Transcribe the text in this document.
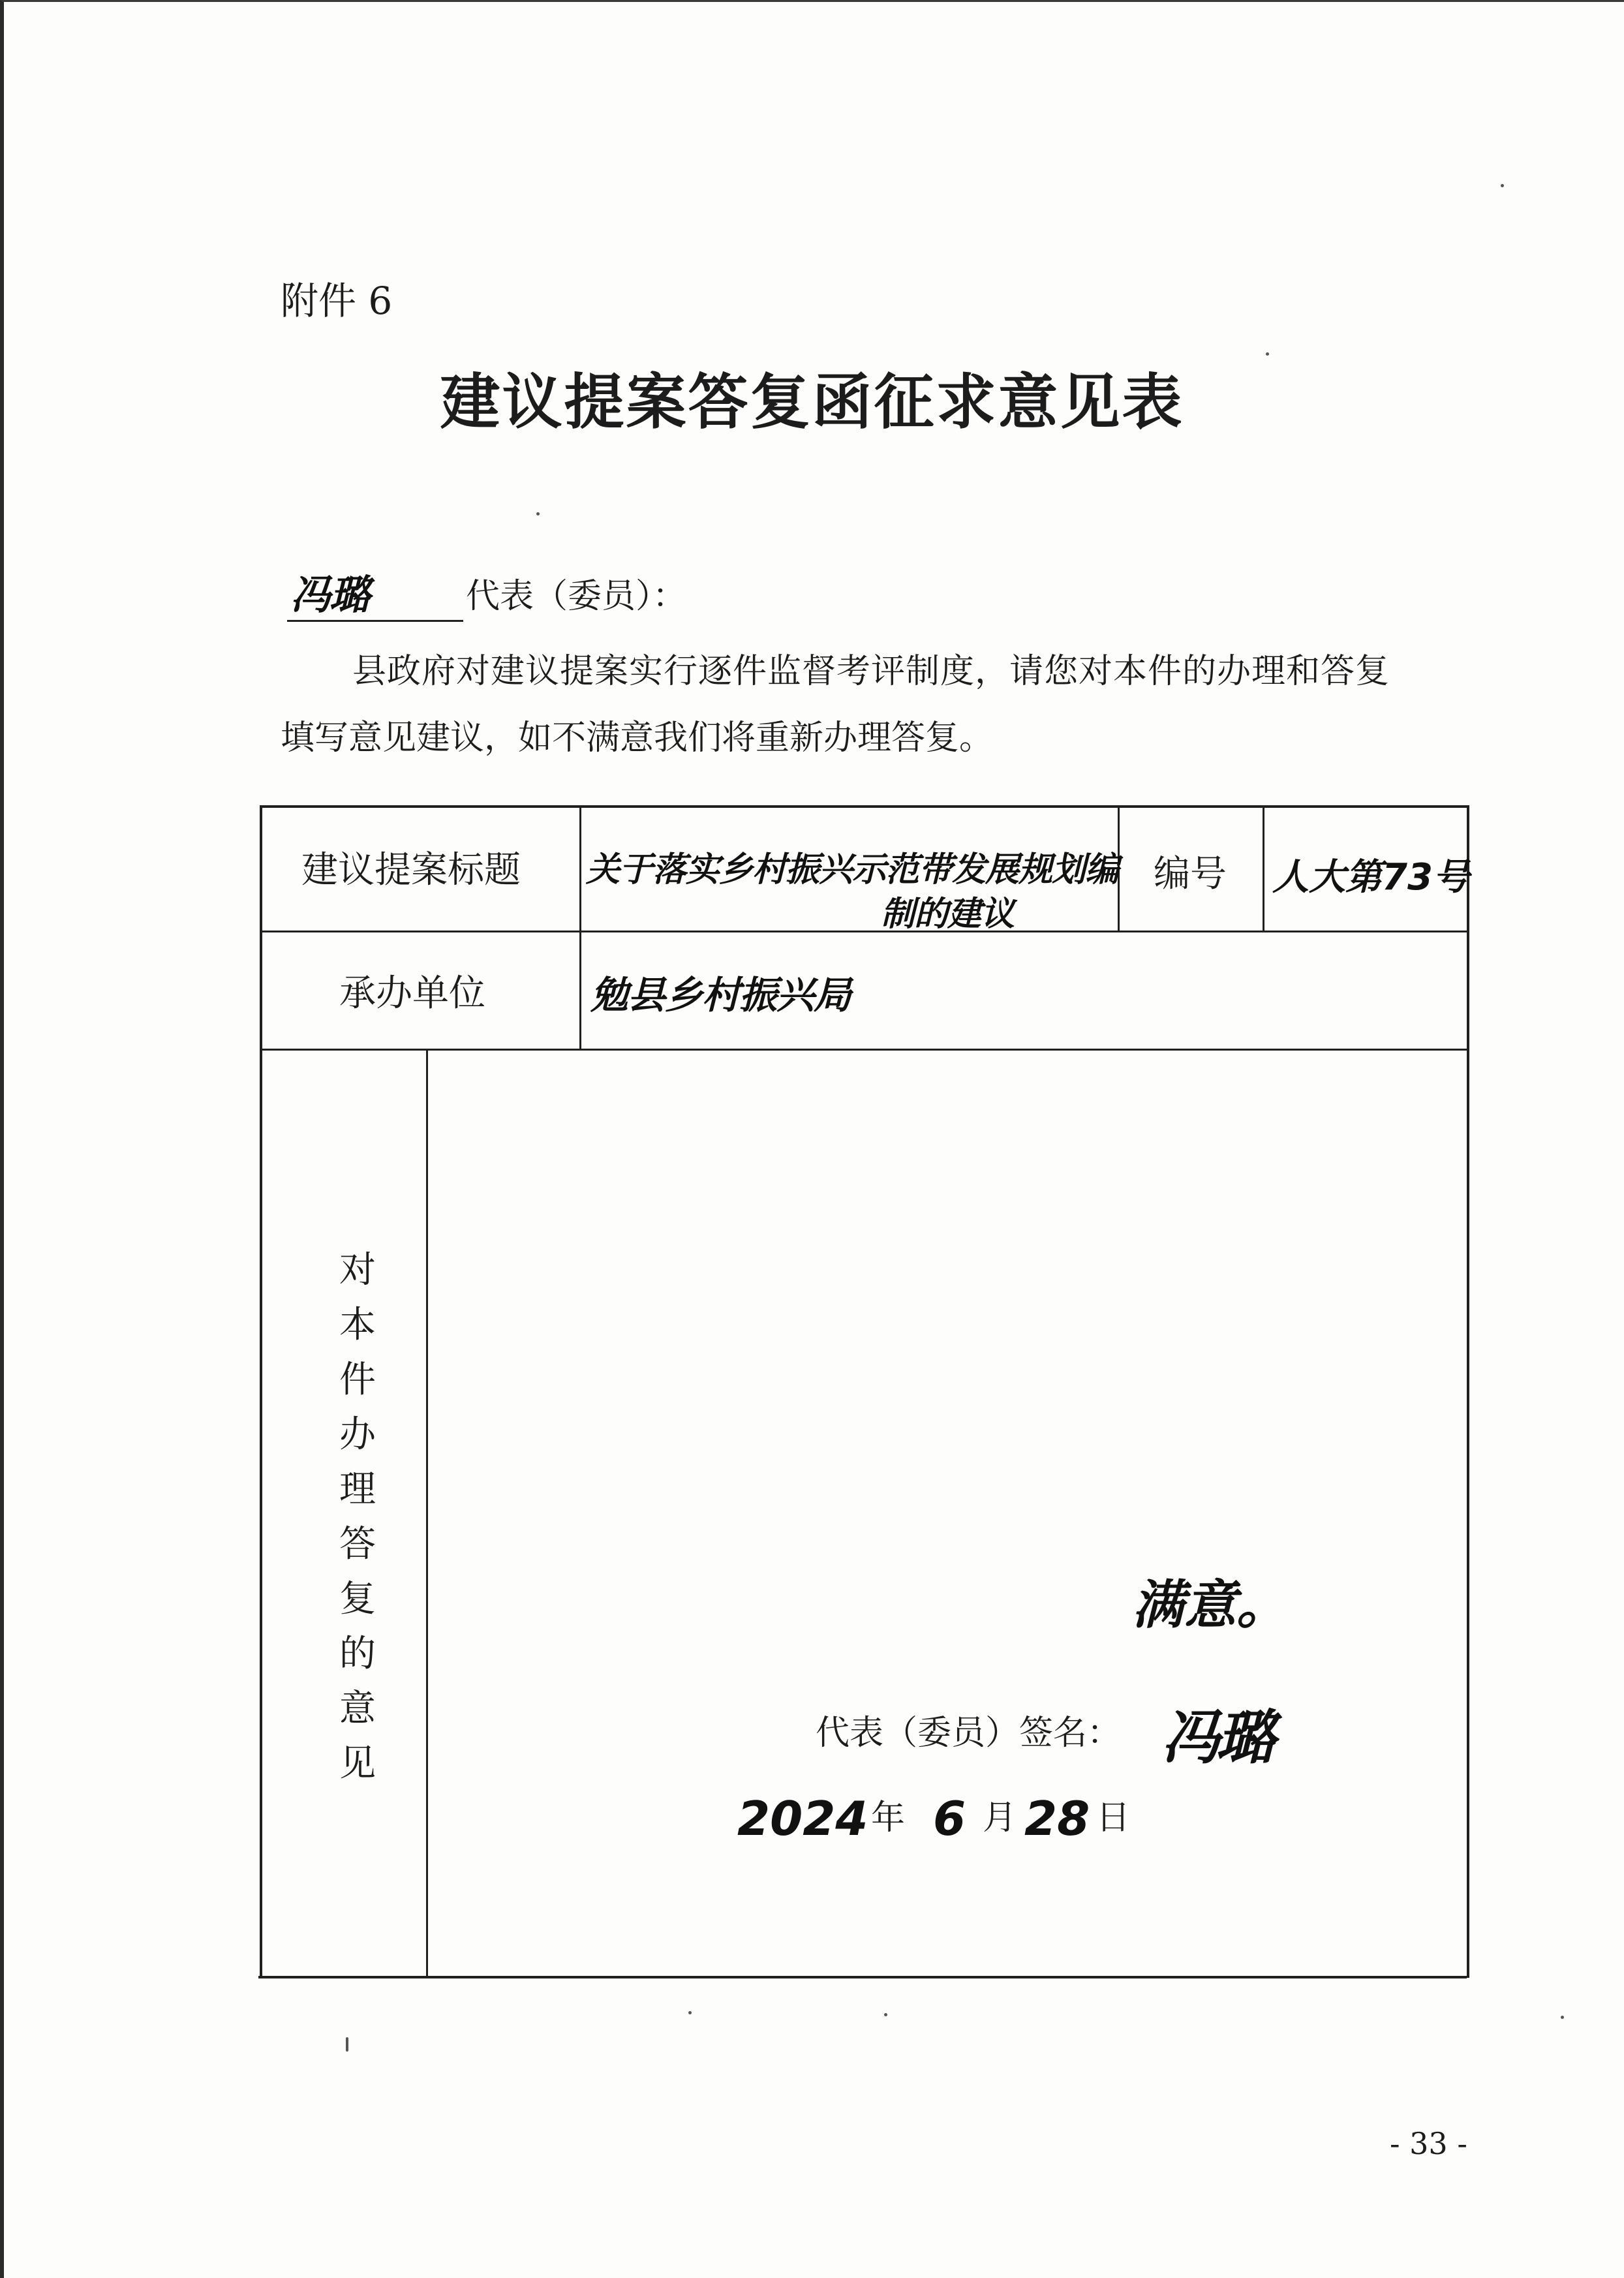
附件 6
建议提案答复函征求意见表
冯璐	代表（委员）：
县政府对建议提案实行逐件监督考评制度，请您对本件的办理和答复
填写意见建议，如不满意我们将重新办理答复。
建议提案标题 关于落实乡村振兴示范带发展规划编
制的建议
编号 人大第73号
承办单位	勉县乡村振兴局
对
本
件
办
理
答
复
的
意
见
满意。
代表（委员）签名： 冯璐
2024 年 6 月 28 日
- 33 -
